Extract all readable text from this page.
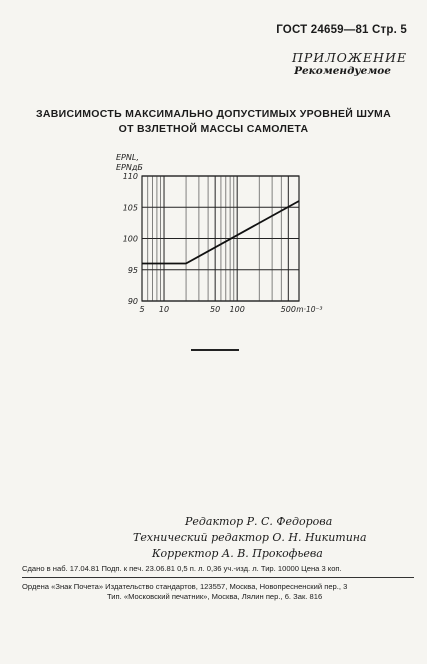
ГОСТ 24659—81 Стр. 5
ПРИЛОЖЕНИЕ
Рекомендуемое
ЗАВИСИМОСТЬ МАКСИМАЛЬНО ДОПУСТИМЫХ УРОВНЕЙ ШУМА
ОТ ВЗЛЕТНОЙ МАССЫ САМОЛЕТА
90
95
100
105
110
5 10	50 100	500 m·10⁻³
EPNL,
EPNдБ
Редактор Р. С. Федорова
Технический редактор О. Н. Никитина
Корректор А. В. Прокофьева
Сдано в наб. 17.04.81 Подп. к печ. 23.06.81 0,5 п. л. 0,36 уч.-изд. л. Тир. 10000 Цена 3 коп.
Ордена «Знак Почета» Издательство стандартов, 123557, Москва, Новопресненский пер., 3
Тип. «Московский печатник», Москва, Лялин пер., 6. Зак. 816
